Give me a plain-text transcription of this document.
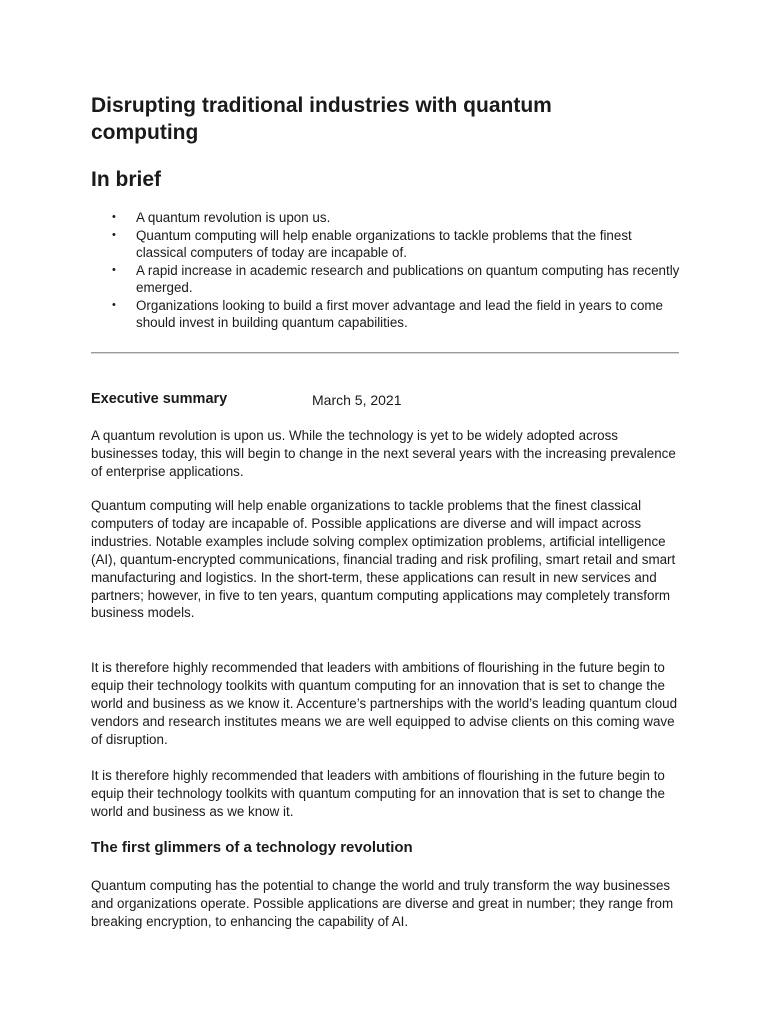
Disrupting traditional industries with quantum computing
In brief
• A quantum revolution is upon us.
• Quantum computing will help enable organizations to tackle problems that the finest classical computers of today are incapable of.
• A rapid increase in academic research and publications on quantum computing has recently emerged.
• Organizations looking to build a first mover advantage and lead the field in years to come should invest in building quantum capabilities.
Executive summary	March 5, 2021

A quantum revolution is upon us. While the technology is yet to be widely adopted across businesses today, this will begin to change in the next several years with the increasing prevalence of enterprise applications.

Quantum computing will help enable organizations to tackle problems that the finest classical computers of today are incapable of. Possible applications are diverse and will impact across industries. Notable examples include solving complex optimization problems, artificial intelligence (AI), quantum-encrypted communications, financial trading and risk profiling, smart retail and smart manufacturing and logistics. In the short-term, these applications can result in new services and partners; however, in five to ten years, quantum computing applications may completely transform business models.

It is therefore highly recommended that leaders with ambitions of flourishing in the future begin to equip their technology toolkits with quantum computing for an innovation that is set to change the world and business as we know it. Accenture’s partnerships with the world’s leading quantum cloud vendors and research institutes means we are well equipped to advise clients on this coming wave of disruption.

It is therefore highly recommended that leaders with ambitions of flourishing in the future begin to equip their technology toolkits with quantum computing for an innovation that is set to change the world and business as we know it.

The first glimmers of a technology revolution

Quantum computing has the potential to change the world and truly transform the way businesses and organizations operate. Possible applications are diverse and great in number; they range from breaking encryption, to enhancing the capability of AI.
